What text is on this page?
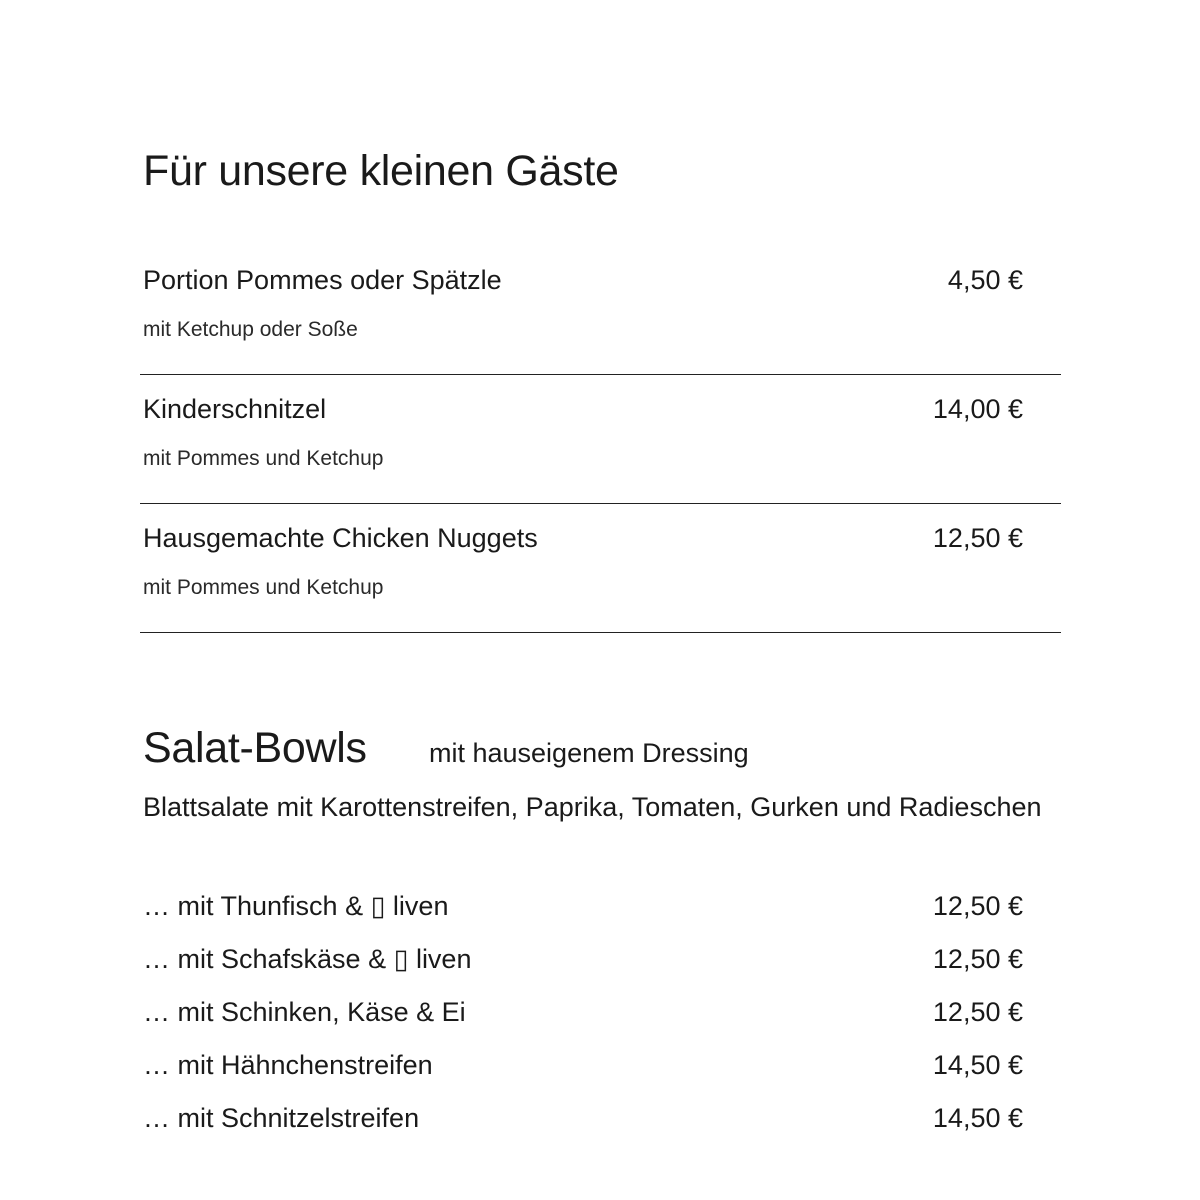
Für unsere kleinen Gäste
Portion Pommes oder Spätzle	4,50 €
mit Ketchup oder Soße
Kinderschnitzel	14,00 €
mit Pommes und Ketchup
Hausgemachte Chicken Nuggets	12,50 €
mit Pommes und Ketchup
Salat-Bowls mit hauseigenem Dressing
Blattsalate mit Karottenstreifen, Paprika, Tomaten, Gurken und Radieschen
… mit Thunfisch & ▯ liven	12,50 €
… mit Schafskäse & ▯ liven	12,50 €
… mit Schinken, Käse & Ei	12,50 €
… mit Hähnchenstreifen	14,50 €
… mit Schnitzelstreifen	14,50 €
